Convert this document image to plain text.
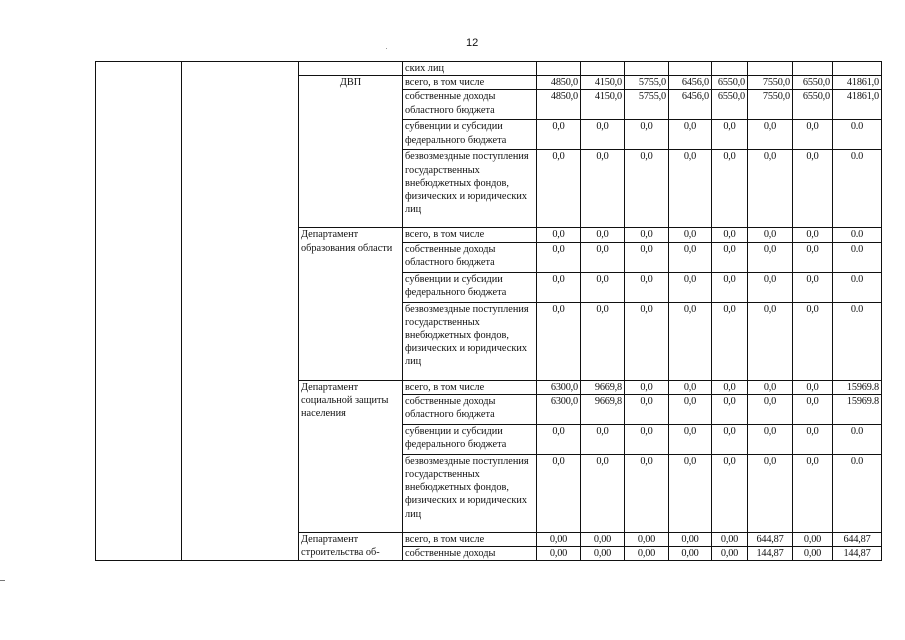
12
			ских лиц								
		ДВП	всего, в том числе	4850,0	4150,0	5755,0	6456,0	6550,0	7550,0	6550,0	41861,0
			собственные доходы областного бюджета	4850,0	4150,0	5755,0	6456,0	6550,0	7550,0	6550,0	41861,0
			субвенции и субсидии федерального бюджета	0,0	0,0	0,0	0,0	0,0	0,0	0,0	0.0
			безвозмездные поступления государственных внебюджетных фондов, физических и юридических лиц	0,0	0,0	0,0	0,0	0,0	0,0	0,0	0.0
		Департамент образования области	всего, в том числе	0,0	0,0	0,0	0,0	0,0	0,0	0,0	0.0
			собственные доходы областного бюджета	0,0	0,0	0,0	0,0	0,0	0,0	0,0	0.0
			субвенции и субсидии федерального бюджета	0,0	0,0	0,0	0,0	0,0	0,0	0,0	0.0
			безвозмездные поступления государственных внебюджетных фондов, физических и юридических лиц	0,0	0,0	0,0	0,0	0,0	0,0	0,0	0.0
		Департамент социальной защиты населения	всего, в том числе	6300,0	9669,8	0,0	0,0	0,0	0,0	0,0	15969.8
			собственные доходы областного бюджета	6300,0	9669,8	0,0	0,0	0,0	0,0	0,0	15969.8
			субвенции и субсидии федерального бюджета	0,0	0,0	0,0	0,0	0,0	0,0	0,0	0.0
			безвозмездные поступления государственных внебюджетных фондов, физических и юридических лиц	0,0	0,0	0,0	0,0	0,0	0,0	0,0	0.0
		Департамент строительства об-	всего, в том числе	0,00	0,00	0,00	0,00	0,00	644,87	0,00	644,87
			собственные доходы	0,00	0,00	0,00	0,00	0,00	144,87	0,00	144,87
